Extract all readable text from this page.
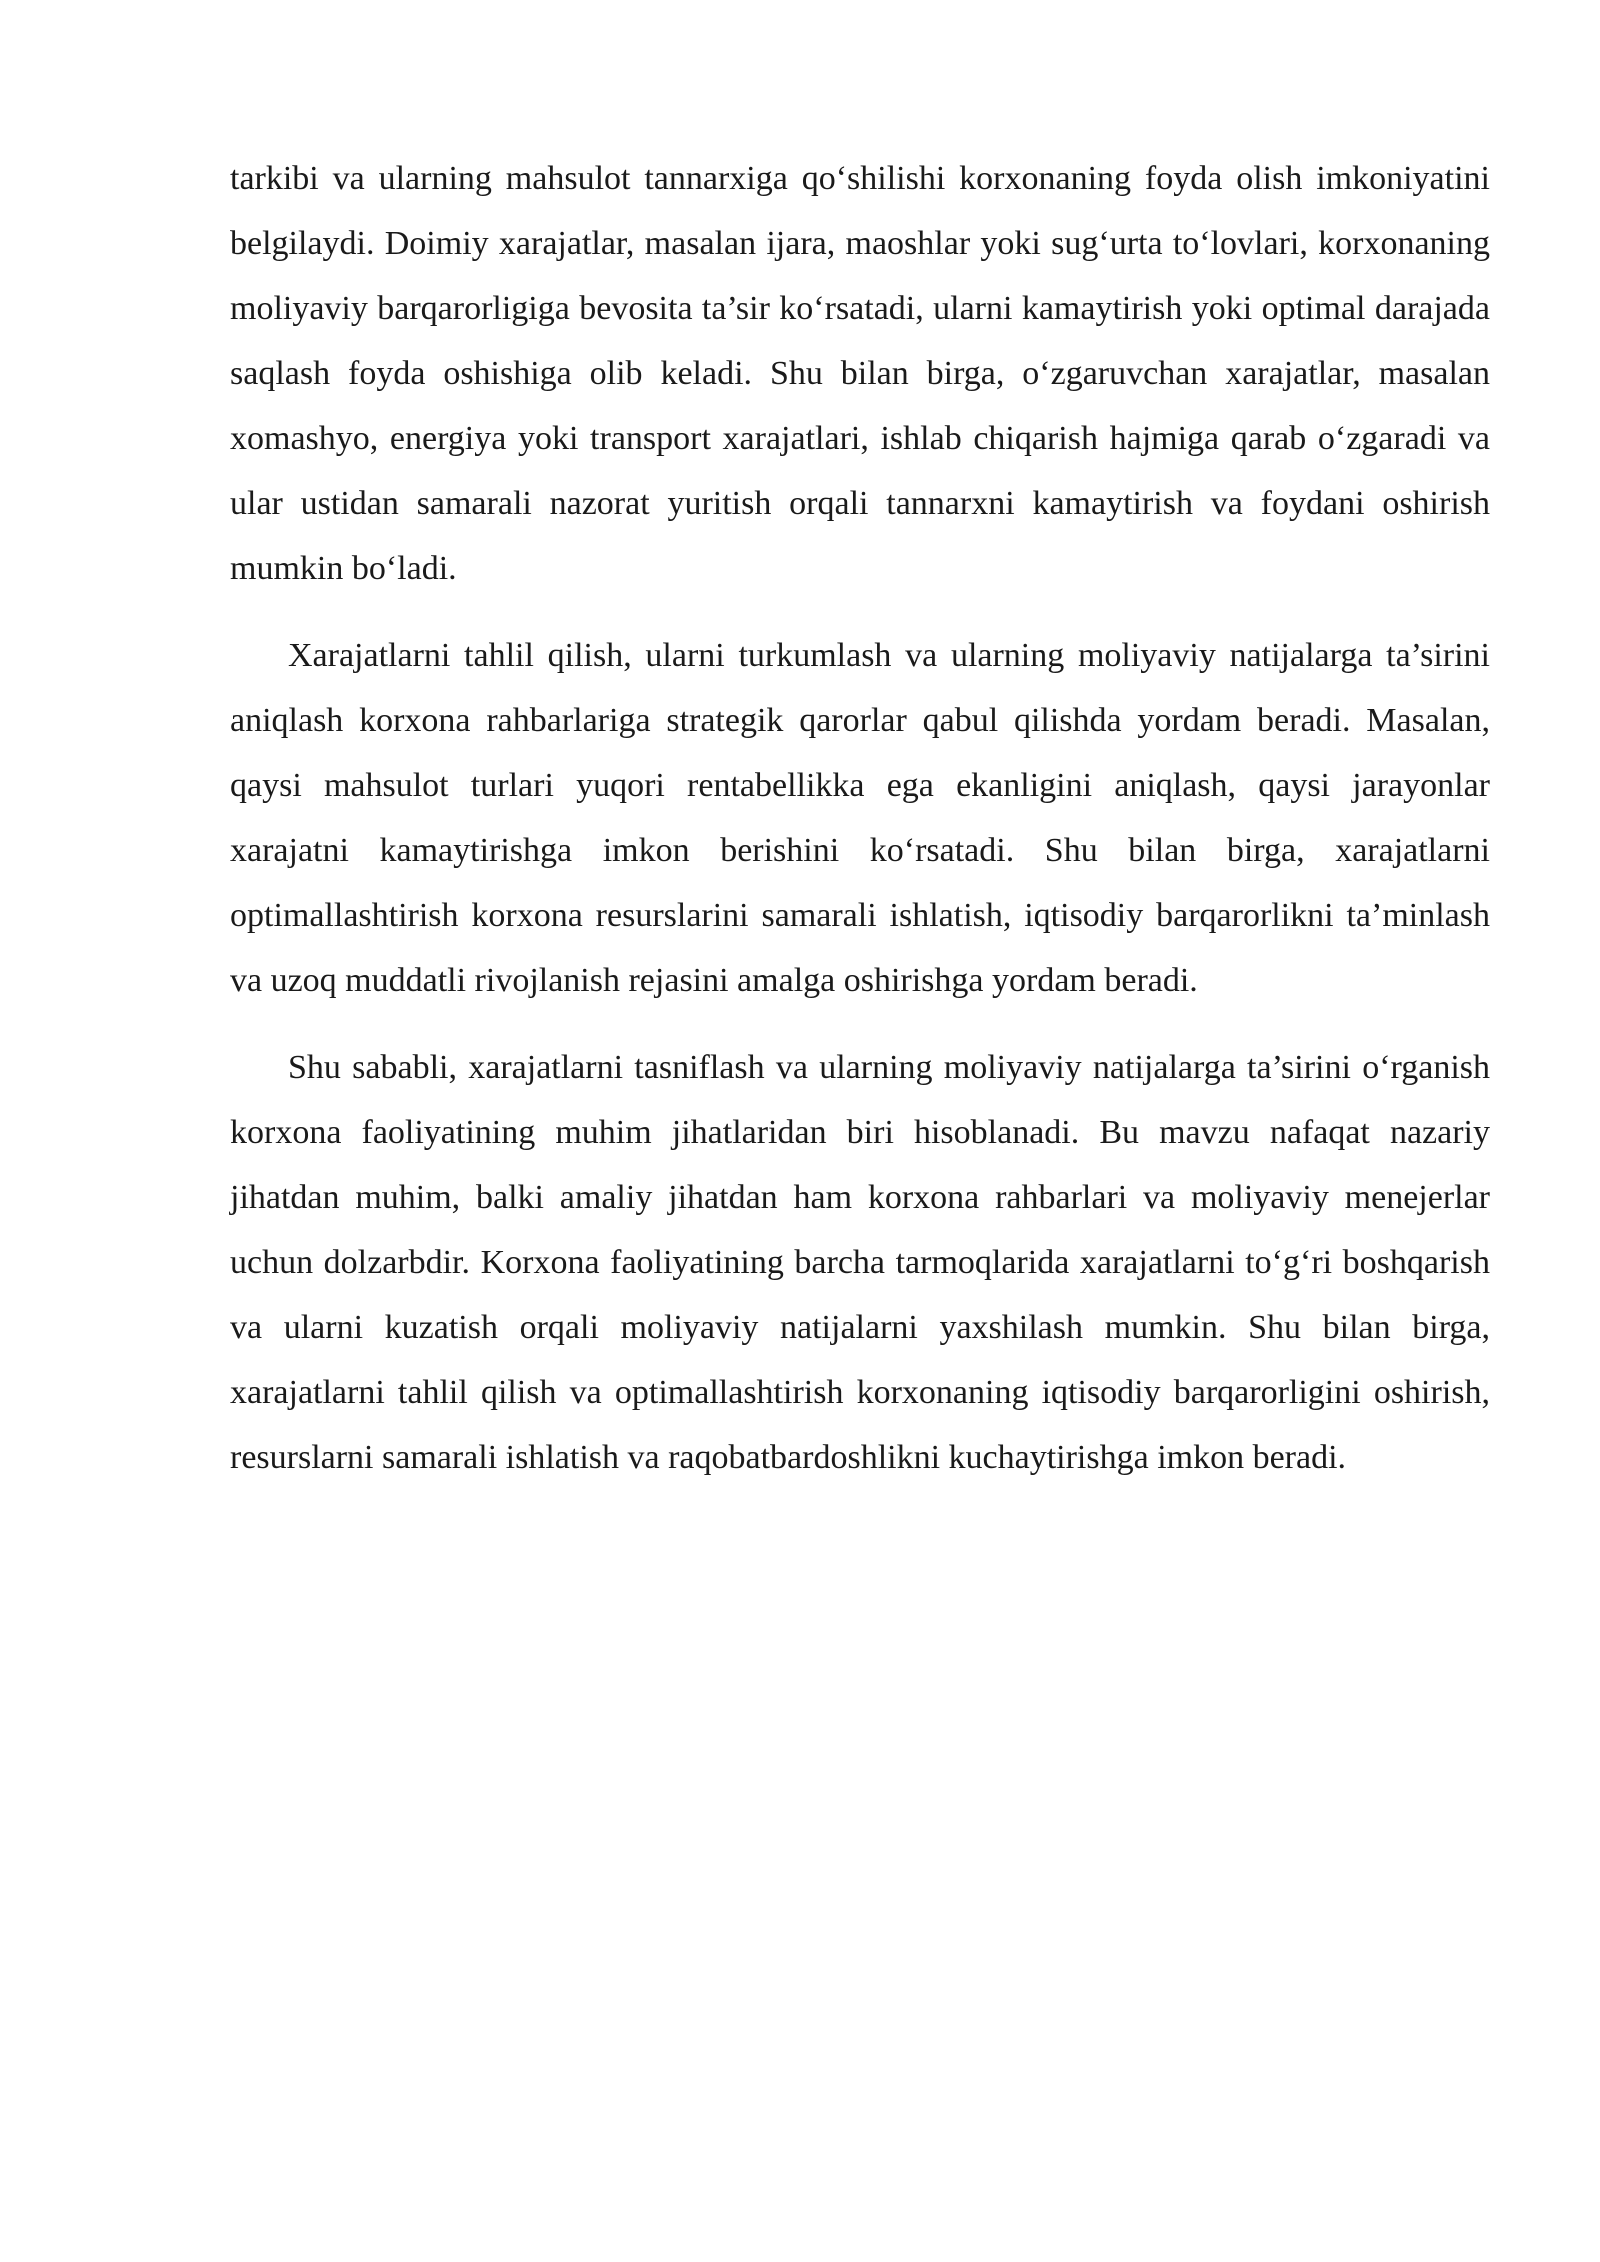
tarkibi va ularning mahsulot tannarxiga qo‘shilishi korxonaning foyda olish imkoniyatini belgilaydi. Doimiy xarajatlar, masalan ijara, maoshlar yoki sug‘urta to‘lovlari, korxonaning moliyaviy barqarorligiga bevosita ta’sir ko‘rsatadi, ularni kamaytirish yoki optimal darajada saqlash foyda oshishiga olib keladi. Shu bilan birga, o‘zgaruvchan xarajatlar, masalan xomashyo, energiya yoki transport xarajatlari, ishlab chiqarish hajmiga qarab o‘zgaradi va ular ustidan samarali nazorat yuritish orqali tannarxni kamaytirish va foydani oshirish mumkin bo‘ladi.

Xarajatlarni tahlil qilish, ularni turkumlash va ularning moliyaviy natijalarga ta’sirini aniqlash korxona rahbarlariga strategik qarorlar qabul qilishda yordam beradi. Masalan, qaysi mahsulot turlari yuqori rentabellikka ega ekanligini aniqlash, qaysi jarayonlar xarajatni kamaytirishga imkon berishini ko‘rsatadi. Shu bilan birga, xarajatlarni optimallashtirish korxona resurslarini samarali ishlatish, iqtisodiy barqarorlikni ta’minlash va uzoq muddatli rivojlanish rejasini amalga oshirishga yordam beradi.

Shu sababli, xarajatlarni tasniflash va ularning moliyaviy natijalarga ta’sirini o‘rganish korxona faoliyatining muhim jihatlaridan biri hisoblanadi. Bu mavzu nafaqat nazariy jihatdan muhim, balki amaliy jihatdan ham korxona rahbarlari va moliyaviy menejerlar uchun dolzarbdir. Korxona faoliyatining barcha tarmoqlarida xarajatlarni to‘g‘ri boshqarish va ularni kuzatish orqali moliyaviy natijalarni yaxshilash mumkin. Shu bilan birga, xarajatlarni tahlil qilish va optimallashtirish korxonaning iqtisodiy barqarorligini oshirish, resurslarni samarali ishlatish va raqobatbardoshlikni kuchaytirishga imkon beradi.
